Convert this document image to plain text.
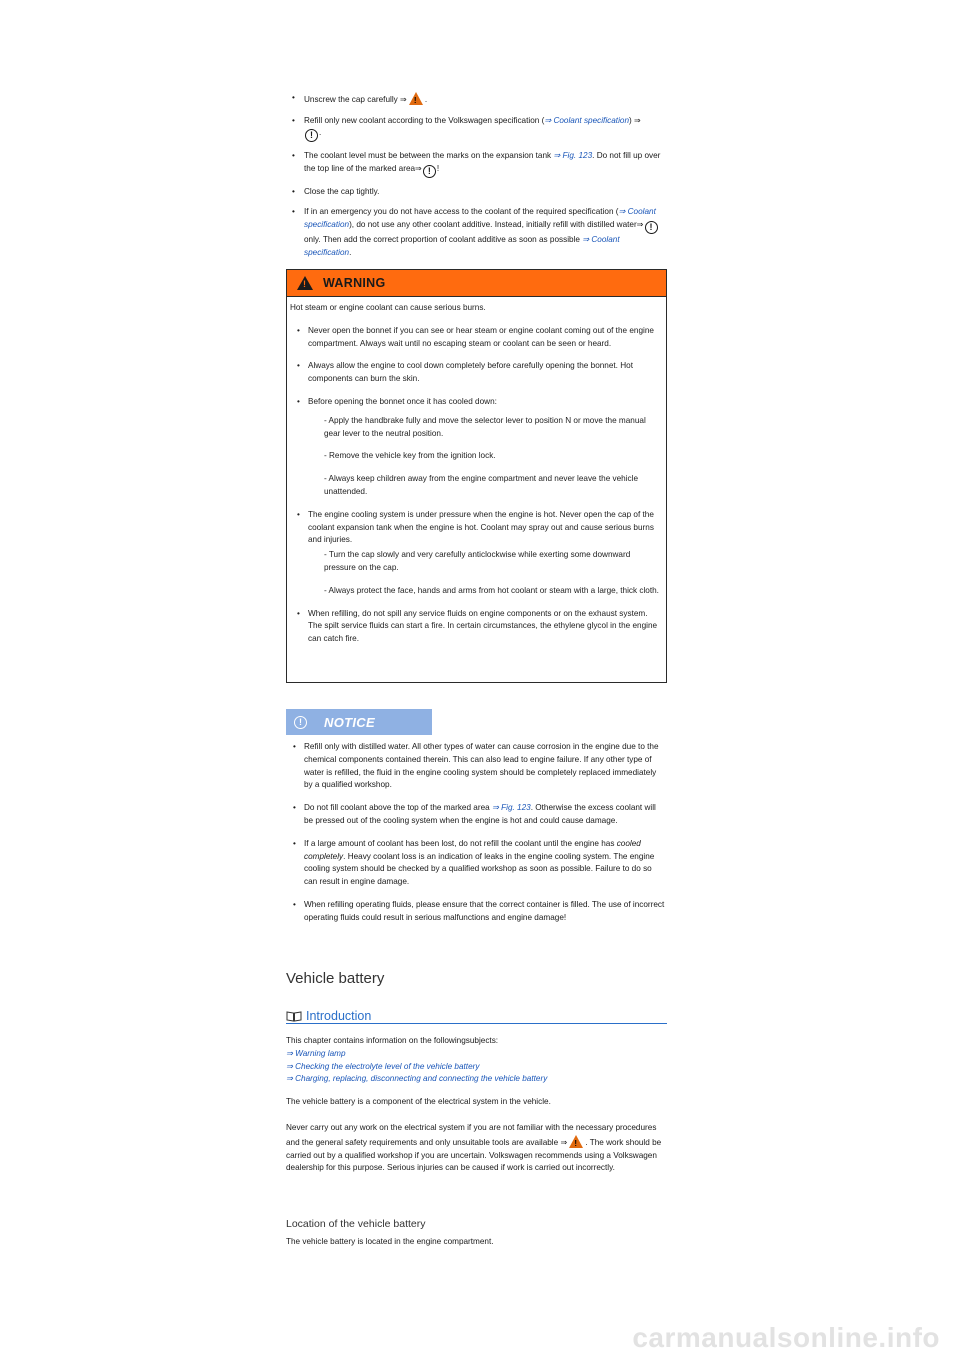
• Unscrew the cap carefully ⇒ ! .

• Refill only new coolant according to the Volkswagen specification (⇒ Coolant specification) ⇒
! .

• The coolant level must be between the marks on the expansion tank ⇒ Fig. 123. Do not fill up over the top line of the marked area⇒ ! !

• Close the cap tightly.

• If in an emergency you do not have access to the coolant of the required specification (⇒ Coolant specification), do not use any other coolant additive. Instead, initially refill with distilled water⇒ ! only. Then add the correct proportion of coolant additive as soon as possible ⇒ Coolant specification.

!
WARNING

Hot steam or engine coolant can cause serious burns.

• Never open the bonnet if you can see or hear steam or engine coolant coming out of the engine compartment. Always wait until no escaping steam or coolant can be seen or heard.
• Always allow the engine to cool down completely before carefully opening the bonnet. Hot components can burn the skin.
• Before opening the bonnet once it has cooled down:
- Apply the handbrake fully and move the selector lever to position N or move the manual gear lever to the neutral position.
- Remove the vehicle key from the ignition lock.
- Always keep children away from the engine compartment and never leave the vehicle unattended.
• The engine cooling system is under pressure when the engine is hot. Never open the cap of the coolant expansion tank when the engine is hot. Coolant may spray out and cause serious burns and injuries.
- Turn the cap slowly and very carefully anticlockwise while exerting some downward pressure on the cap.
- Always protect the face, hands and arms from hot coolant or steam with a large, thick cloth.
• When refilling, do not spill any service fluids on engine components or on the exhaust system. The spilt service fluids can start a fire. In certain circumstances, the ethylene glycol in the engine can catch fire.
!	NOTICE
• Refill only with distilled water. All other types of water can cause corrosion in the engine due to the chemical components contained therein. This can also lead to engine failure. If any other type of water is refilled, the fluid in the engine cooling system should be completely replaced immediately by a qualified workshop.
• Do not fill coolant above the top of the marked area ⇒ Fig. 123. Otherwise the excess coolant will be pressed out of the cooling system when the engine is hot and could cause damage.
• If a large amount of coolant has been lost, do not refill the coolant until the engine has cooled completely. Heavy coolant loss is an indication of leaks in the engine cooling system. The engine cooling system should be checked by a qualified workshop as soon as possible. Failure to do so can result in engine damage.
• When refilling operating fluids, please ensure that the correct container is filled. The use of incorrect operating fluids could result in serious malfunctions and engine damage!
Vehicle battery
Introduction

This chapter contains information on the followingsubjects:

⇒ Warning lamp

⇒ Checking the electrolyte level of the vehicle battery

⇒ Charging, replacing, disconnecting and connecting the vehicle battery

The vehicle battery is a component of the electrical system in the vehicle.

Never carry out any work on the electrical system if you are not familiar with the necessary procedures and the general safety requirements and only unsuitable tools are available ⇒ ! . The work should be carried out by a qualified workshop if you are uncertain. Volkswagen recommends using a Volkswagen dealership for this purpose. Serious injuries can be caused if work is carried out incorrectly.

Location of the vehicle battery
The vehicle battery is located in the engine compartment.
carmanualsonline.info
